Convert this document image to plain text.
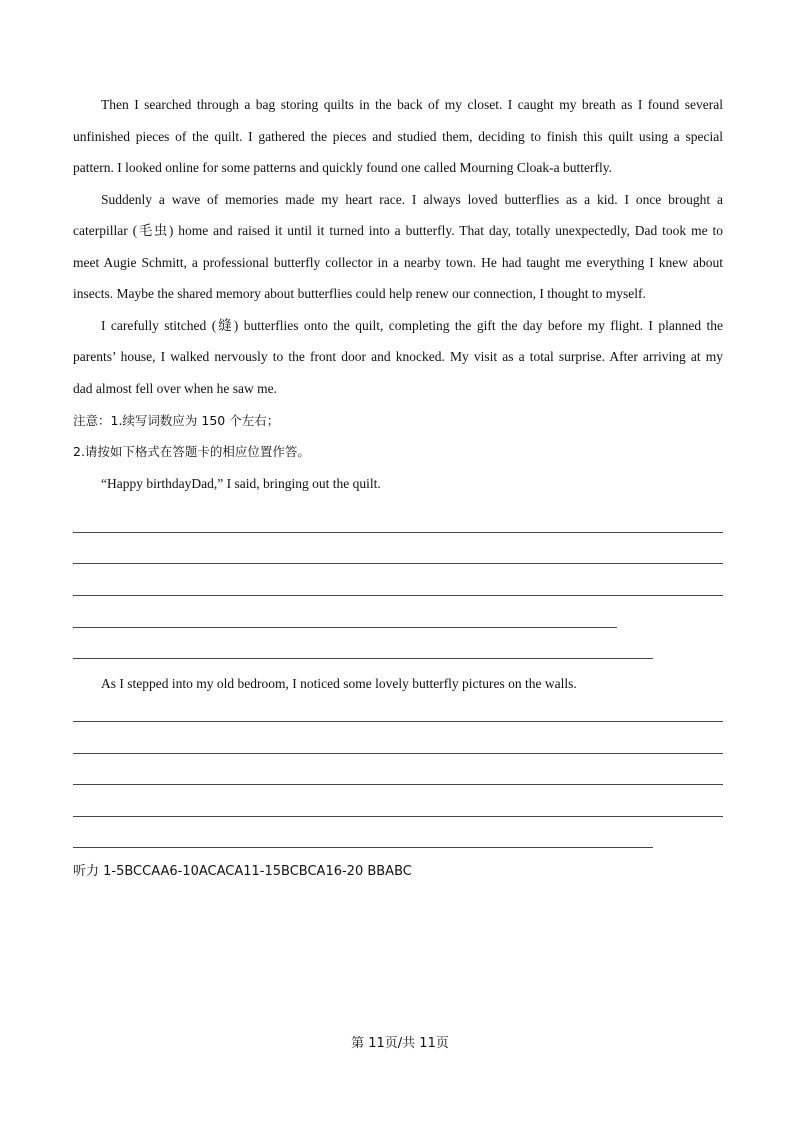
Then I searched through a bag storing quilts in the back of my closet. I caught my breath as I found several
unfinished pieces of the quilt. I gathered the pieces and studied them, deciding to finish this quilt using a special
pattern. I looked online for some patterns and quickly found one called Mourning Cloak-a butterfly.
Suddenly a wave of memories made my heart race. I always loved butterflies as a kid. I once brought a
caterpillar (毛虫) home and raised it until it turned into a butterfly. That day, totally unexpectedly, Dad took me to
meet Augie Schmitt, a professional butterfly collector in a nearby town. He had taught me everything I knew about
insects. Maybe the shared memory about butterflies could help renew our connection, I thought to myself.
I carefully stitched (缝) butterflies onto the quilt, completing the gift the day before my flight. I planned the
parents’ house, I walked nervously to the front door and knocked. My visit as a total surprise. After arriving at my
dad almost fell over when he saw me.
注意：1.续写词数应为 150 个左右；
2.请按如下格式在答题卡的相应位置作答。
“Happy birthdayDad,” I said, bringing out the quilt.
As I stepped into my old bedroom, I noticed some lovely butterfly pictures on the walls.
听力 1-5BCCAA6-10ACACA11-15BCBCA16-20 BBABC
第 11页/共 11页
